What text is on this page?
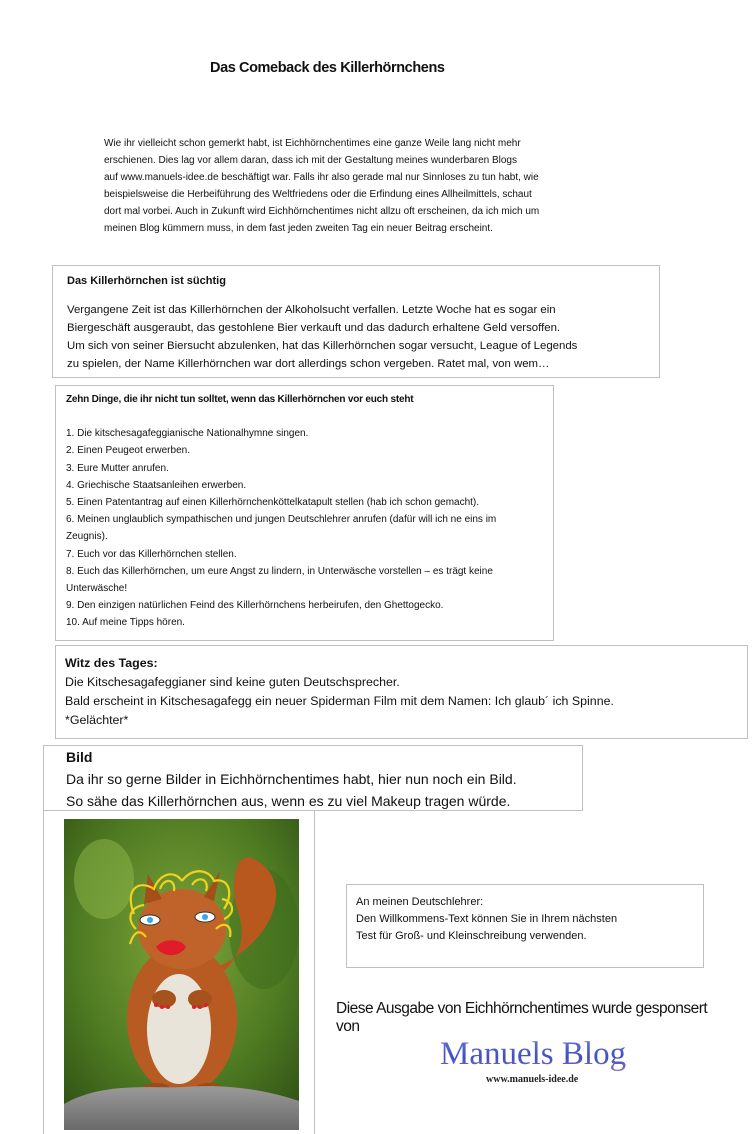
Das Comeback des Killerhörnchens

Wie ihr vielleicht schon gemerkt habt, ist Eichhörnchentimes eine ganze Weile lang nicht mehr

erschienen. Dies lag vor allem daran, dass ich mit der Gestaltung meines wunderbaren Blogs

auf www.manuels-idee.de beschäftigt war. Falls ihr also gerade mal nur Sinnloses zu tun habt, wie

beispielsweise die Herbeiführung des Weltfriedens oder die Erfindung eines Allheilmittels, schaut

dort mal vorbei. Auch in Zukunft wird Eichhörnchentimes nicht allzu oft erscheinen, da ich mich um

meinen Blog kümmern muss, in dem fast jeden zweiten Tag ein neuer Beitrag erscheint.

Das Killerhörnchen ist süchtig
Vergangene Zeit ist das Killerhörnchen der Alkoholsucht verfallen. Letzte Woche hat es sogar ein
Biergeschäft ausgeraubt, das gestohlene Bier verkauft und das dadurch erhaltene Geld versoffen.
Um sich von seiner Biersucht abzulenken, hat das Killerhörnchen sogar versucht, League of Legends
zu spielen, der Name Killerhörnchen war dort allerdings schon vergeben. Ratet mal, von wem…
Zehn Dinge, die ihr nicht tun solltet, wenn das Killerhörnchen vor euch steht
1. Die kitschesagafeggianische Nationalhymne singen.
2. Einen Peugeot erwerben.
3. Eure Mutter anrufen.
4. Griechische Staatsanleihen erwerben.
5. Einen Patentantrag auf einen Killerhörnchenköttelkatapult stellen (hab ich schon gemacht).
6. Meinen unglaublich sympathischen und jungen Deutschlehrer anrufen (dafür will ich ne eins im
Zeugnis).
7. Euch vor das Killerhörnchen stellen.
8. Euch das Killerhörnchen, um eure Angst zu lindern, in Unterwäsche vorstellen – es trägt keine
Unterwäsche!
9. Den einzigen natürlichen Feind des Killerhörnchens herbeirufen, den Ghettogecko.
10. Auf meine Tipps hören.
Witz des Tages:
Die Kitschesagafeggianer sind keine guten Deutschsprecher.
Bald erscheint in Kitschesagafegg ein neuer Spiderman Film mit dem Namen: Ich glaub´ ich Spinne.
*Gelächter*
Bild
Da ihr so gerne Bilder in Eichhörnchentimes habt, hier nun noch ein Bild.
So sähe das Killerhörnchen aus, wenn es zu viel Makeup tragen würde.
An meinen Deutschlehrer:
Den Willkommens-Text können Sie in Ihrem nächsten
Test für Groß- und Kleinschreibung verwenden.
Diese Ausgabe von Eichhörnchentimes wurde gesponsert von
Manuels Blog
www.manuels-idee.de
